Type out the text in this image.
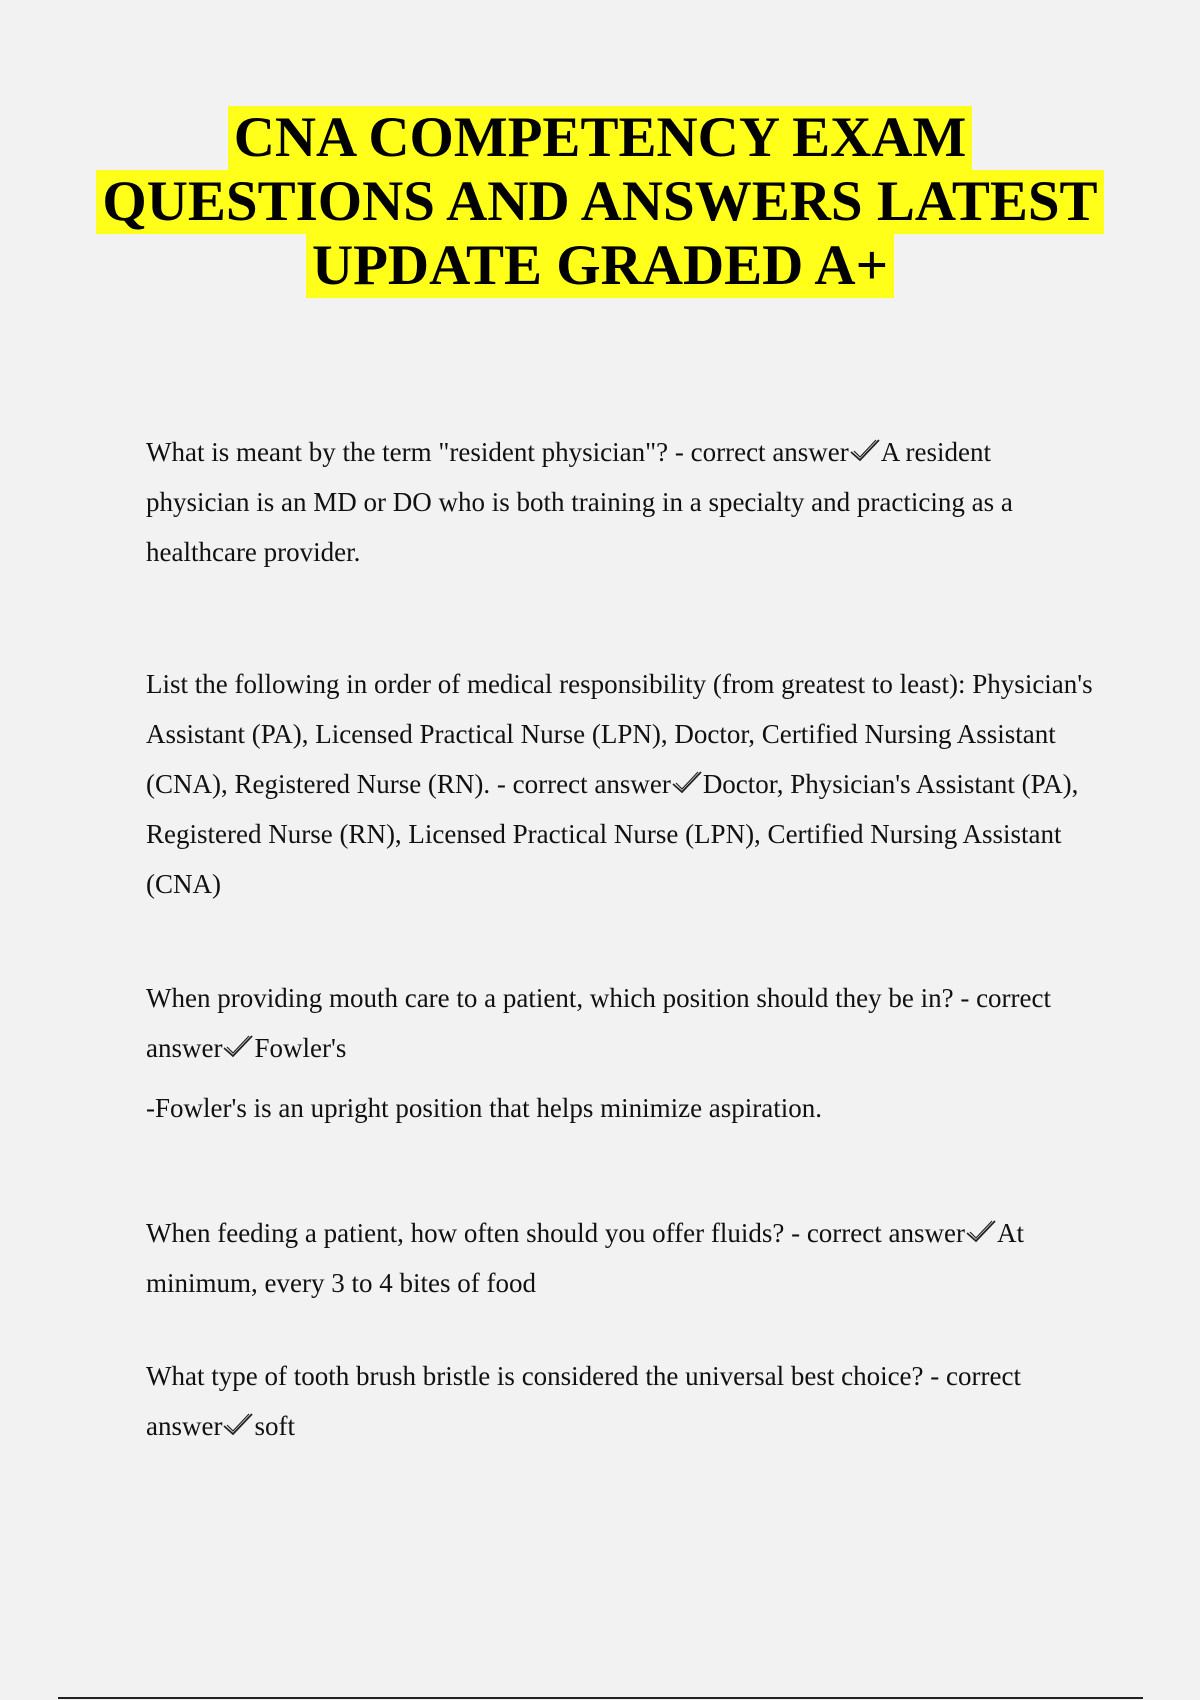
CNA COMPETENCY EXAM
QUESTIONS AND ANSWERS LATEST
UPDATE GRADED A+

What is meant by the term "resident physician"? - correct answer A resident physician is an MD or DO who is both training in a specialty and practicing as a healthcare provider.

List the following in order of medical responsibility (from greatest to least): Physician's Assistant (PA), Licensed Practical Nurse (LPN), Doctor, Certified Nursing Assistant (CNA), Registered Nurse (RN). - correct answer Doctor, Physician's Assistant (PA), Registered Nurse (RN), Licensed Practical Nurse (LPN), Certified Nursing Assistant (CNA)

When providing mouth care to a patient, which position should they be in? - correct answer Fowler's

-Fowler's is an upright position that helps minimize aspiration.

When feeding a patient, how often should you offer fluids? - correct answer At minimum, every 3 to 4 bites of food

What type of tooth brush bristle is considered the universal best choice? - correct answer soft
